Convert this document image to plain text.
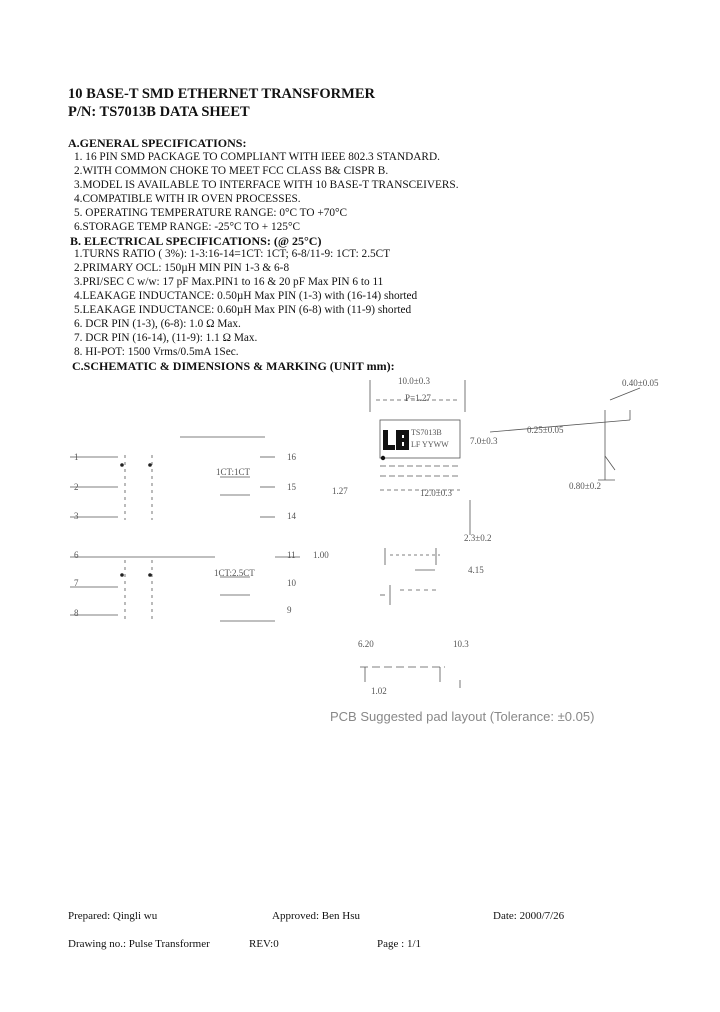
10 BASE-T SMD ETHERNET TRANSFORMER
P/N: TS7013B DATA SHEET
A.GENERAL SPECIFICATIONS:
1. 16 PIN SMD PACKAGE TO COMPLIANT WITH IEEE 802.3 STANDARD.
2.WITH COMMON CHOKE TO MEET FCC CLASS B& CISPR B.
3.MODEL IS AVAILABLE TO INTERFACE WITH 10 BASE-T TRANSCEIVERS.
4.COMPATIBLE WITH IR OVEN PROCESSES.
5. OPERATING TEMPERATURE RANGE: 0°C TO +70°C
6.STORAGE TEMP RANGE: -25°C TO + 125°C
B. ELECTRICAL SPECIFICATIONS: (@ 25°C)
1.TURNS RATIO ( 3%): 1-3:16-14=1CT: 1CT; 6-8/11-9: 1CT: 2.5CT
2.PRIMARY OCL: 150µH MIN PIN 1-3 & 6-8
3.PRI/SEC C w/w: 17 pF Max.PIN1 to 16 & 20 pF Max PIN 6 to 11
4.LEAKAGE INDUCTANCE: 0.50µH Max PIN (1-3) with (16-14) shorted
5.LEAKAGE INDUCTANCE: 0.60µH Max PIN (6-8) with (11-9) shorted
6. DCR PIN (1-3), (6-8): 1.0 Ω Max.
7. DCR PIN (16-14), (11-9): 1.1 Ω Max.
8. HI-POT: 1500 Vrms/0.5mA 1Sec.
C.SCHEMATIC & DIMENSIONS & MARKING (UNIT mm):
1
2
3
6
7
8
16
15
14
11
10
9
1CT:1CT
1CT:2.5CT
10.0±0.3
P=1.27
0.40±0.05
0.25±0.05
7.0±0.3
0.80±0.2
12.0±0.3
1.27
2.3±0.2
1.00
4.15
6.20	10.3
1.02
TS7013B
LF YYWW
PCB Suggested pad layout (Tolerance: ±0.05)
Prepared: Qingli wu	Approved: Ben Hsu	Date: 2000/7/26
Drawing no.: Pulse Transformer	REV:0	Page : 1/1
